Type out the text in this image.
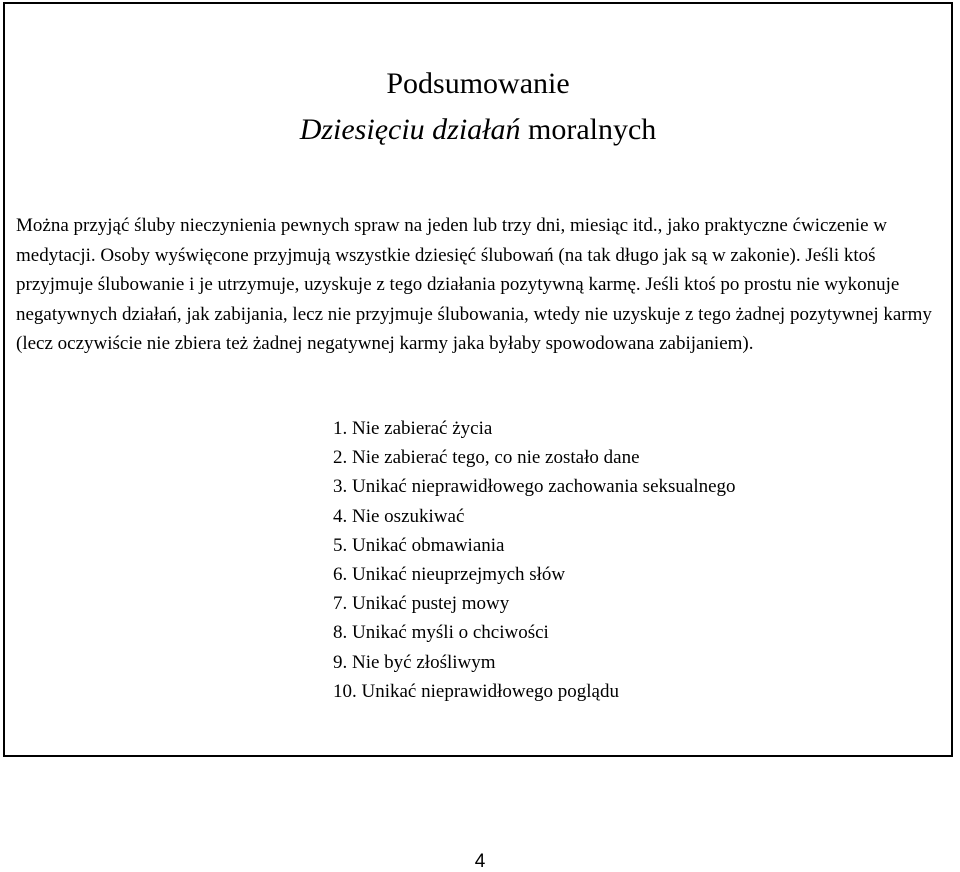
Podsumowanie
Dziesięciu działań moralnych
Można przyjąć śluby nieczynienia pewnych spraw na jeden lub trzy dni, miesiąc itd., jako praktyczne ćwiczenie w medytacji. Osoby wyświęcone przyjmują wszystkie dziesięć ślubowań (na tak długo jak są w zakonie). Jeśli ktoś przyjmuje ślubowanie i je utrzymuje, uzyskuje z tego działania pozytywną karmę. Jeśli ktoś po prostu nie wykonuje negatywnych działań, jak zabijania, lecz nie przyjmuje ślubowania, wtedy nie uzyskuje z tego żadnej pozytywnej karmy (lecz oczywiście nie zbiera też żadnej negatywnej karmy jaka byłaby spowodowana zabijaniem).
1. Nie zabierać życia
2. Nie zabierać tego, co nie zostało dane
3. Unikać nieprawidłowego zachowania seksualnego
4. Nie oszukiwać
5. Unikać obmawiania
6. Unikać nieuprzejmych słów
7. Unikać pustej mowy
8. Unikać myśli o chciwości
9. Nie być złośliwym
10. Unikać nieprawidłowego poglądu
4
